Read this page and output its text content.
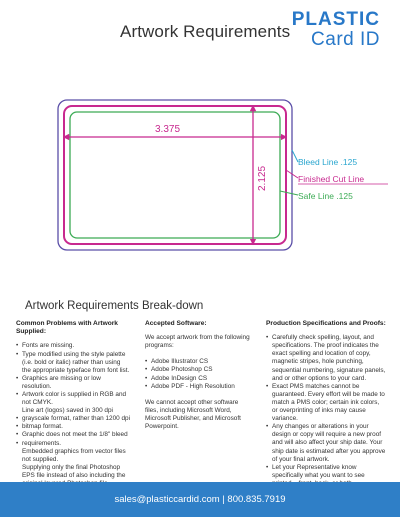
Artwork Requirements
PLASTIC
Card ID
3.375
2.125
Bleed Line .125
Finished Cut Line
Safe Line .125
Artwork Requirements Break-down
Common Problems with Artwork Supplied:
• Fonts are missing.
• Type modified using the style palette (i.e. bold or italic) rather than using the appropriate typeface from font list.
• Graphics are missing or low resolution.
• Artwork color is supplied in RGB and not CMYK.
Line art (logos) saved in 300 dpi
• grayscale format, rather than 1200 dpi
• bitmap format.
• Graphic does not meet the 1/8" bleed
• requirements.
Embedded graphics from vector files not supplied.
Supplying only the final Photoshop EPS file instead of also including the
Accepted Software:

We accept artwork from the following programs:

• Adobe Illustrator CS
• Adobe Photoshop CS
• Adobe InDesign CS
• Adobe PDF - High Resolution

We cannot accept other software files, including Microsoft Word, Microsoft Publisher, and Microsoft Powerpoint.

Production Specifications and Proofs:
• Carefully check spelling, layout, and specifications. The proof indicates the exact spelling and location of copy, magnetic stripes, hole punching, sequential numbering, signature panels, and or other options to your card.
• Exact PMS matches cannot be guaranteed. Every effort will be made to match a PMS color; certain ink colors, or overprinting of inks may cause variance.
• Any changes or alterations in your design or copy will require a new proof and will also affect your ship date. Your ship date is estimated after you approve of your final artwork.
• Let your Representative know specifically what you want to see
sales@plasticcardid.com | 800.835.7919
